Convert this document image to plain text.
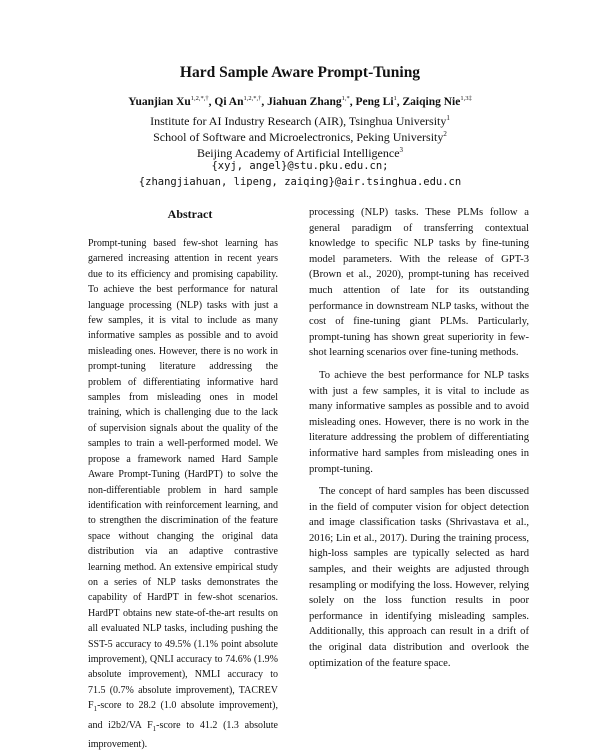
Hard Sample Aware Prompt-Tuning
Yuanjian $Xu^{1,2,*,\dagger}$, Qi $An^{1,2,*,\dagger}$, Jiahuan Zhang$^{1,*}$, Peng Li$^1$, Zaiqing Nie$^{1,3\ddagger}$
Institute for AI Industry Research (AIR), Tsinghua University$^1$
School of Software and Microelectronics, Peking University$^2$
Beijing Academy of Artificial Intelligence$^3$
{xyj, angel}@stu.pku.edu.cn;
{zhangjiahuan, lipeng, zaiqing}@air.tsinghua.edu.cn
Abstract
Prompt-tuning based few-shot learning has garnered increasing attention in recent years due to its efficiency and promising capability. To achieve the best performance for natural language processing (NLP) tasks with just a few samples, it is vital to include as many informative samples as possible and to avoid misleading ones. However, there is no work in prompt-tuning literature addressing the problem of differentiating informative hard samples from misleading ones in model training, which is challenging due to the lack of supervision signals about the quality of the samples to train a well-performed model. We propose a framework named Hard Sample Aware Prompt-Tuning (HardPT) to solve the non-differentiable problem in hard sample identification with reinforcement learning, and to strengthen the discrimination of the feature space without changing the original data distribution via an adaptive contrastive learning method. An extensive empirical study on a series of NLP tasks demonstrates the capability of HardPT in few-shot scenarios. HardPT obtains new state-of-the-art results on all evaluated NLP tasks, including pushing the SST-5 accuracy to 49.5% (1.1% point absolute improvement), QNLI accuracy to 74.6% (1.9% absolute improvement), NMLI accuracy to 71.5 (0.7% absolute improvement), TACREV $F_1$-score to 28.2 (1.0 absolute improvement), and i2b2/VA $F_1$-score to 41.2 (1.3 absolute improvement).

processing (NLP) tasks. These PLMs follow a general paradigm of transferring contextual knowledge to specific NLP tasks by fine-tuning model parameters. With the release of GPT-3 (Brown et al., 2020), prompt-tuning has received much attention of late for its outstanding performance in downstream NLP tasks, without the cost of fine-tuning giant PLMs. Particularly, prompt-tuning has shown great superiority in few-shot learning scenarios over fine-tuning methods.

To achieve the best performance for NLP tasks with just a few samples, it is vital to include as many informative samples as possible and to avoid misleading ones. However, there is no work in the literature addressing the problem of differentiating informative hard samples from misleading ones in prompt-tuning.

The concept of hard samples has been discussed in the field of computer vision for object detection and image classification tasks (Shrivastava et al., 2016; Lin et al., 2017). During the training process, high-loss samples are typically selected as hard samples, and their weights are adjusted through resampling or modifying the loss. However, relying solely on the loss function results in poor performance in identifying misleading samples. Additionally, this approach can result in a drift of the original data distribution and overlook the optimization of the feature space.
